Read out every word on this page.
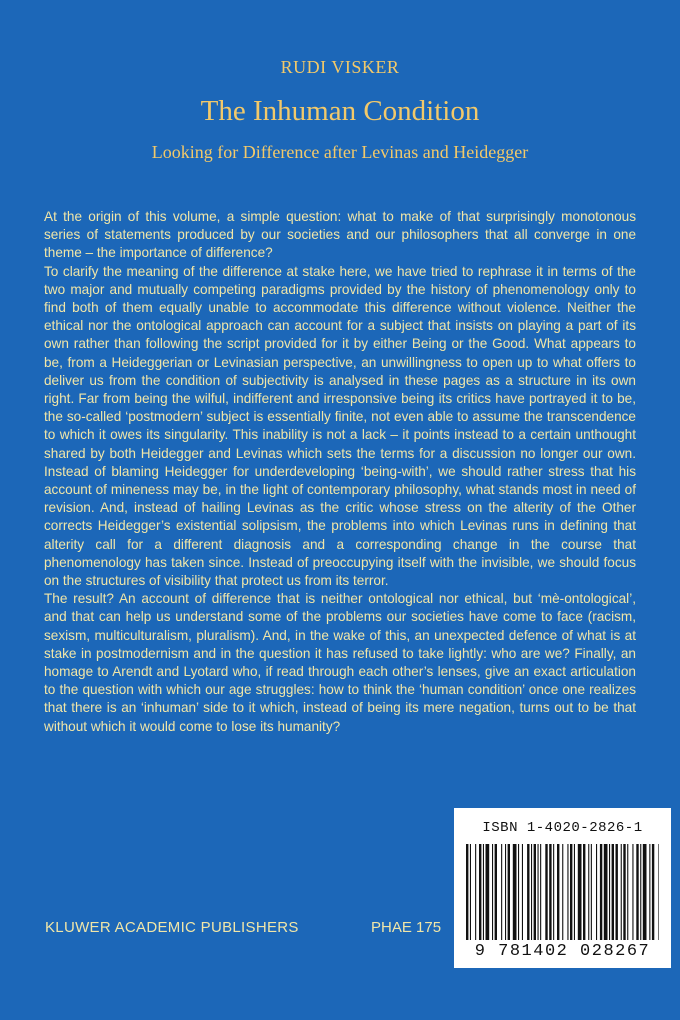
RUDI VISKER
The Inhuman Condition
Looking for Difference after Levinas and Heidegger

At the origin of this volume, a simple question: what to make of that surprisingly monotonous series of statements produced by our societies and our philosophers that all converge in one theme – the importance of difference?

To clarify the meaning of the difference at stake here, we have tried to rephrase it in terms of the two major and mutually competing paradigms provided by the history of phenomenology only to find both of them equally unable to accommodate this difference without violence. Neither the ethical nor the ontological approach can account for a subject that insists on playing a part of its own rather than following the script provided for it by either Being or the Good. What appears to be, from a Heideggerian or Levinasian perspective, an unwillingness to open up to what offers to deliver us from the condition of subjectivity is analysed in these pages as a structure in its own right. Far from being the wilful, indifferent and irresponsive being its critics have portrayed it to be, the so-called ‘postmodern’ subject is essentially finite, not even able to assume the transcendence to which it owes its singularity. This inability is not a lack – it points instead to a certain unthought shared by both Heidegger and Levinas which sets the terms for a discussion no longer our own. Instead of blaming Heidegger for underdeveloping ‘being-with’, we should rather stress that his account of mineness may be, in the light of contemporary philosophy, what stands most in need of revision. And, instead of hailing Levinas as the critic whose stress on the alterity of the Other corrects Heidegger’s existential solipsism, the problems into which Levinas runs in defining that alterity call for a different diagnosis and a corresponding change in the course that phenomenology has taken since. Instead of preoccupying itself with the invisible, we should focus on the structures of visibility that protect us from its terror.

The result? An account of difference that is neither ontological nor ethical, but ‘mè-ontological’, and that can help us understand some of the problems our societies have come to face (racism, sexism, multiculturalism, pluralism). And, in the wake of this, an unexpected defence of what is at stake in postmodernism and in the question it has refused to take lightly: who are we? Finally, an homage to Arendt and Lyotard who, if read through each other’s lenses, give an exact articulation to the question with which our age struggles: how to think the ‘human condition’ once one realizes that there is an ‘inhuman’ side to it which, instead of being its mere negation, turns out to be that without which it would come to lose its humanity?

ISBN 1-4020-2826-1
9 781402 028267
KLUWER ACADEMIC PUBLISHERS	PHAE 175
